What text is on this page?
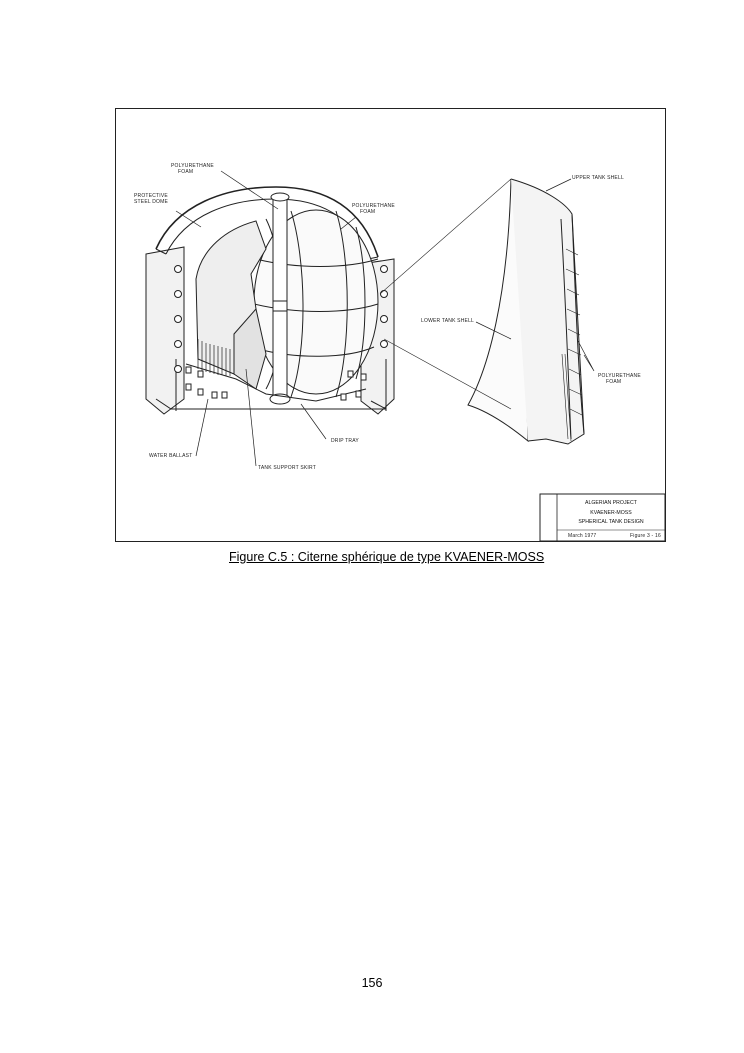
POLYURETHANE
FOAM
PROTECTIVE
STEEL DOME
POLYURETHANE
FOAM
WATER BALLAST
TANK SUPPORT SKIRT
DRIP TRAY
UPPER TANK SHELL
LOWER TANK SHELL
POLYURETHANE
FOAM
ALGERIAN PROJECT
KVAENER-MOSS
SPHERICAL TANK DESIGN
March 1977	Figure 3 - 16
Figure C.5 : Citerne sphérique de type KVAENER-MOSS
156
